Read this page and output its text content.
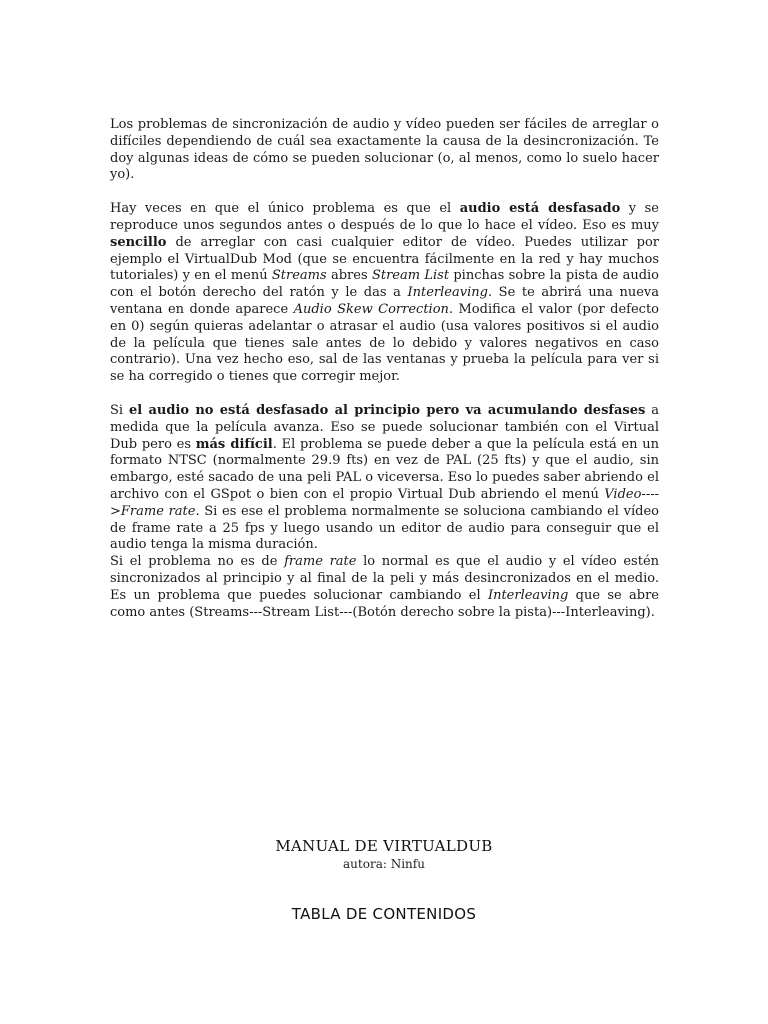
Los problemas de sincronización de audio y vídeo pueden ser fáciles de arreglar o difíciles dependiendo de cuál sea exactamente la causa de la desincronización. Te doy algunas ideas de cómo se pueden solucionar (o, al menos, como lo suelo hacer yo).

Hay veces en que el único problema es que el audio está desfasado y se reproduce unos segundos antes o después de lo que lo hace el vídeo. Eso es muy sencillo de arreglar con casi cualquier editor de vídeo. Puedes utilizar por ejemplo el VirtualDub Mod (que se encuentra fácilmente en la red y hay muchos tutoriales) y en el menú Streams abres Stream List pinchas sobre la pista de audio con el botón derecho del ratón y le das a Interleaving. Se te abrirá una nueva ventana en donde aparece Audio Skew Correction. Modifica el valor (por defecto en 0) según quieras adelantar o atrasar el audio (usa valores positivos si el audio de la película que tienes sale antes de lo debido y valores negativos en caso contrario). Una vez hecho eso, sal de las ventanas y prueba la película para ver si se ha corregido o tienes que corregir mejor.

Si el audio no está desfasado al principio pero va acumulando desfases a medida que la película avanza. Eso se puede solucionar también con el Virtual Dub pero es más difícil. El problema se puede deber a que la película está en un formato NTSC (normalmente 29.9 fts) en vez de PAL (25 fts) y que el audio, sin embargo, esté sacado de una peli PAL o viceversa. Eso lo puedes saber abriendo el archivo con el GSpot o bien con el propio Virtual Dub abriendo el menú Video---->Frame rate. Si es ese el problema normalmente se soluciona cambiando el vídeo de frame rate a 25 fps y luego usando un editor de audio para conseguir que el audio tenga la misma duración.

Si el problema no es de frame rate lo normal es que el audio y el vídeo estén sincronizados al principio y al final de la peli y más desincronizados en el medio. Es un problema que puedes solucionar cambiando el Interleaving que se abre como antes (Streams---Stream List---(Botón derecho sobre la pista)---Interleaving).

MANUAL DE VIRTUALDUB
autora: Ninfu
TABLA DE CONTENIDOS
